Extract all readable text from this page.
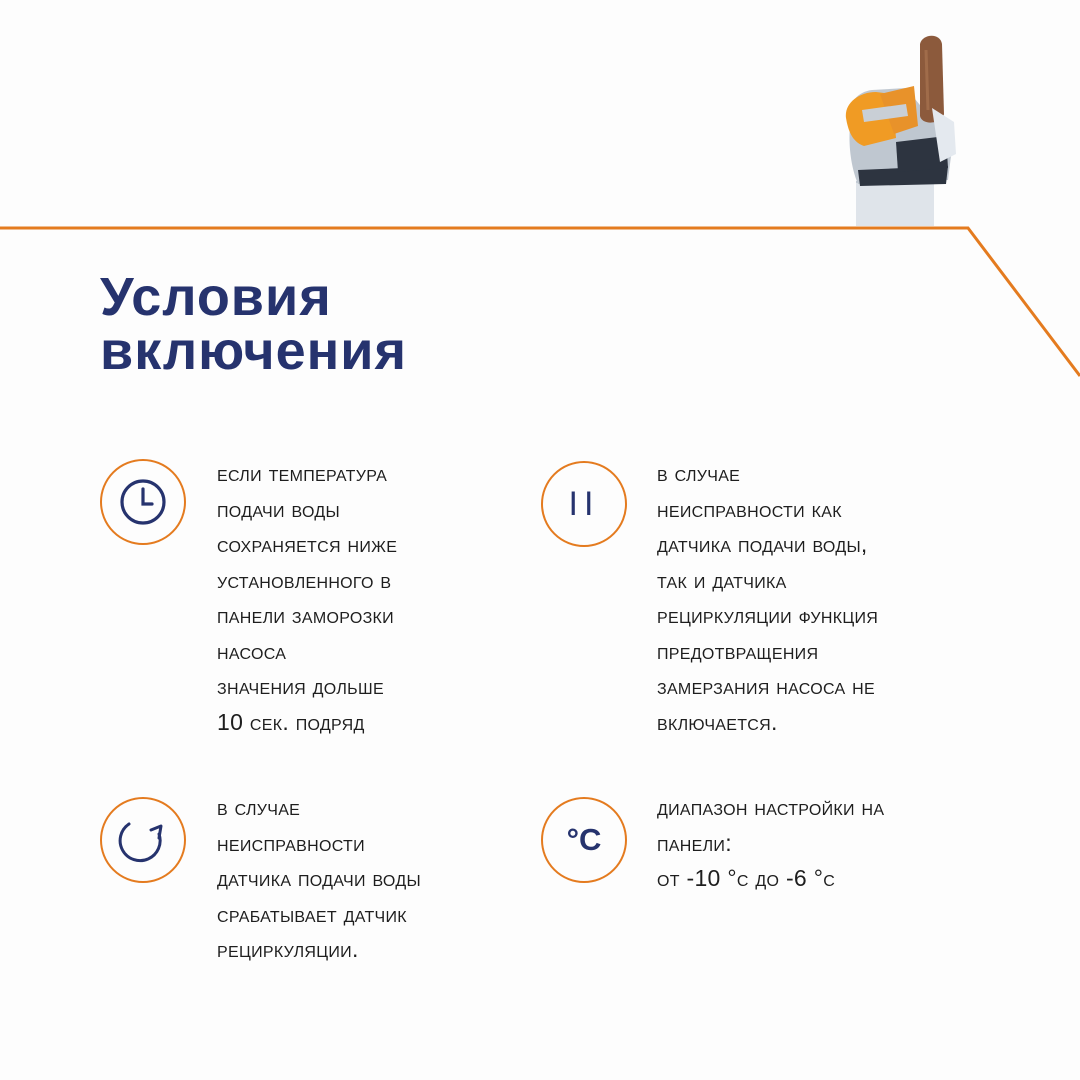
Условия
включения
если температура
подачи воды
сохраняется ниже
установленного в
панели заморозки
насоса
значения дольше
10 сек. подряд
II
в случае
неисправности как
датчика подачи воды,
так и датчика
рециркуляции функция
предотвращения
замерзания насоса не
включается.
в случае
неисправности
датчика подачи воды
срабатывает датчик
рециркуляции.
°C
диапазон настройки на
панели:
от -10 °c до -6 °c
